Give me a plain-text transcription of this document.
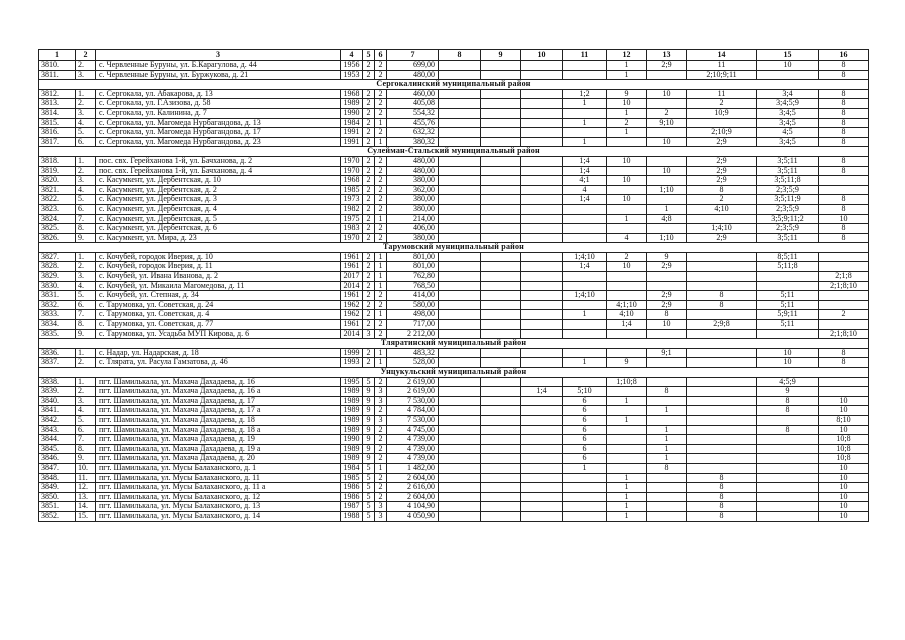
1	2	3	4	5	6	7	8	9	10	11	12	13	14	15	16
3810.	2.	с. Червленные Буруны, ул. Б.Карагулова, д. 44	1956	2	2	699,00					1	2;9	11	10	8
3811.	3.	с. Червленные Буруны, ул. Буржукова, д. 21	1953	2	2	480,00					1		2;10;9;11		8
Сергокалинский муниципальный район															
3812.	1.	с. Сергокала, ул. Абакарова, д. 13	1968	2	2	460,00				1;2	9	10	11	3;4	8
3813.	2.	с. Сергокала, ул. Г.Азизова, д. 58	1989	2	2	405,08				1	10		2	3;4;5;9	8
3814.	3.	с. Сергокала, ул. Калинина, д. 7	1990	2	2	554,32					1	2	10;9	3;4;5	8
3815.	4.	с. Сергокала, ул. Магомеда Нурбагандова, д. 13	1984	2	1	455,76				1	2	9;10		3;4;5	8
3816.	5.	с. Сергокала, ул. Магомеда Нурбагандова, д. 17	1991	2	2	632,32					1		2;10;9	4;5	8
3817.	6.	с. Сергокала, ул. Магомеда Нурбагандова, д. 23	1991	2	1	380,32				1		10	2;9	3;4;5	8
Сулейман-Стальский муниципальный район															
3818.	1.	пос. свх. Герейханова 1-й, ул. Бачханова, д. 2	1970	2	2	480,00				1;4	10		2;9	3;5;11	8
3819.	2.	пос. свх. Герейханова 1-й, ул. Бачханова, д. 4	1970	2	2	480,00				1;4		10	2;9	3;5;11	8
3820.	3.	с. Касумкент, ул. Дербентская, д. 10	1968	2	2	380,00				4;1	10		2;9	3;5;11;8	
3821.	4.	с. Касумкент, ул. Дербентская, д. 2	1985	2	2	362,00				4		1;10	8	2;3;5;9	
3822.	5.	с. Касумкент, ул. Дербентская, д. 3	1973	2	2	380,00				1;4	10		2	3;5;11;9	8
3823.	6.	с. Касумкент, ул. Дербентская, д. 4	1982	2	2	380,00						1	4;10	2;3;5;9	8
3824.	7.	с. Касумкент, ул. Дербентская, д. 5	1975	2	1	214,00					1	4;8		3;5;9;11;2	10
3825.	8.	с. Касумкент, ул. Дербентская, д. 6	1983	2	2	406,00							1;4;10	2;3;5;9	8
3826.	9.	с. Касумкент, ул. Мира, д. 23	1970	2	2	380,00					4	1;10	2;9	3;5;11	8
Тарумовский муниципальный район															
3827.	1.	с. Кочубей, городок Иверия, д. 10	1961	2	1	801,00				1;4;10	2	9		8;5;11	
3828.	2.	с. Кочубей, городок Иверия, д. 11	1961	2	1	801,00				1;4	10	2;9		5;11;8	
3829.	3.	с. Кочубей, ул. Ивана Иванова, д. 2	2017	2	1	762,80									2;1;8
3830.	4.	с. Кочубей, ул. Микаила Магомедова, д. 11	2014	2	1	768,50									2;1;8;10
3831.	5.	с. Кочубей, ул. Степная, д. 34	1961	2	2	414,00				1;4;10		2;9	8	5;11	
3832.	6.	с. Тарумовка, ул. Советская, д. 24	1962	2	2	580,00					4;1;10	2;9	8	5;11	
3833.	7.	с. Тарумовка, ул. Советская, д. 4	1962	2	1	498,00				1	4;10	8		5;9;11	2
3834.	8.	с. Тарумовка, ул. Советская, д. 77	1961	2	2	717,00					1;4	10	2;9;8	5;11	
3835.	9.	с. Тарумовка, ул. Усадьба МУП Кирова, д. 6	2014	3	2	2 212,00									2;1;8;10
Тляратинский муниципальный район															
3836.	1.	с. Надар, ул. Надарская, д. 18	1999	2	1	483,32						9;1		10	8
3837.	2.	с. Тлярата, ул. Расула Гамзатова, д. 46	1993	2	1	528,00				1	9			10	8
Унцукульский муниципальный район															
3838.	1.	пгт. Шамилькала, ул. Махача Дахадаева, д. 16	1995	5	2	2 619,00					1;10;8			4;5;9	
3839.	2.	пгт. Шамилькала, ул. Махача Дахадаева, д. 16 а	1989	9	3	2 619,00			1;4	5;10		8		9	
3840.	3.	пгт. Шамилькала, ул. Махача Дахадаева, д. 17	1989	9	3	7 530,00				6	1			8	10
3841.	4.	пгт. Шамилькала, ул. Махача Дахадаева, д. 17 а	1989	9	2	4 784,00				6		1		8	10
3842.	5.	пгт. Шамилькала, ул. Махача Дахадаева, д. 18	1989	9	3	7 530,00				6	1				8;10
3843.	6.	пгт. Шамилькала, ул. Махача Дахадаева, д. 18 а	1989	9	2	4 745,00				6		1		8	10
3844.	7.	пгт. Шамилькала, ул. Махача Дахадаева, д. 19	1990	9	2	4 739,00				6		1			10;8
3845.	8.	пгт. Шамилькала, ул. Махача Дахадаева, д. 19 а	1989	9	2	4 739,00				6		1			10;8
3846.	9.	пгт. Шамилькала, ул. Махача Дахадаева, д. 20	1989	9	2	4 739,00				6		1			10;8
3847.	10.	пгт. Шамилькала, ул. Мусы Балаханского, д. 1	1984	5	1	1 482,00				1		8			10
3848.	11.	пгт. Шамилькала, ул. Мусы Балаханского, д. 11	1985	5	2	2 604,00					1		8		10
3849.	12.	пгт. Шамилькала, ул. Мусы Балаханского, д. 11 а	1986	5	2	2 616,00					1		8		10
3850.	13.	пгт. Шамилькала, ул. Мусы Балаханского, д. 12	1986	5	2	2 604,00					1		8		10
3851.	14.	пгт. Шамилькала, ул. Мусы Балаханского, д. 13	1987	5	3	4 104,90					1		8		10
3852.	15.	пгт. Шамилькала, ул. Мусы Балаханского, д. 14	1988	5	3	4 050,90					1		8		10
